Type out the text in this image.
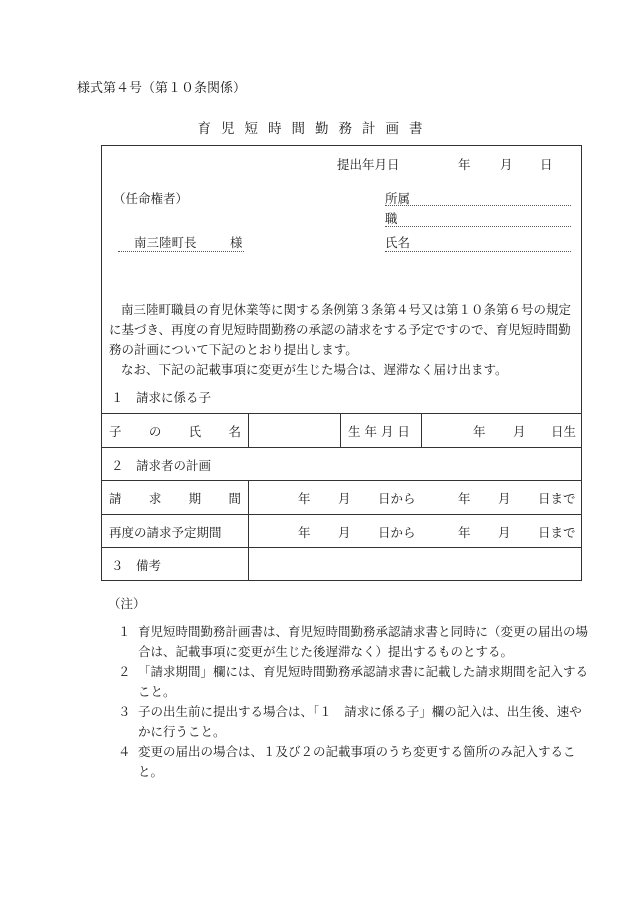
様式第４号（第１０条関係）
育児短時間勤務計画書
提出年月日	年 月 日
（任命権者）	所属
職
氏名
南三陸町長	様

南三陸町職員の育児休業等に関する条例第３条第４号又は第１０条第６号の規定に基づき、再度の育児短時間勤務の承認の請求をする予定ですので、育児短時間勤務の計画について下記のとおり提出します。

なお、下記の記載事項に変更が生じた場合は、遅滞なく届け出ます。

１　請求に係る子
子 の 氏 名	生 年 月 日	年 月 日生
２　請求者の計画
請 求 期 間	年 月 日から	年 月 日まで
再度の請求予定期間	年 月 日から	年 月 日まで
３　備考
（注）

１ 育児短時間勤務計画書は、育児短時間勤務承認請求書と同時に（変更の届出の場合は、記載事項に変更が生じた後遅滞なく）提出するものとする。

２ 「請求期間」欄には、育児短時間勤務承認請求書に記載した請求期間を記入すること。

３ 子の出生前に提出する場合は、「１　請求に係る子」欄の記入は、出生後、速やかに行うこと。

４ 変更の届出の場合は、１及び２の記載事項のうち変更する箇所のみ記入すること。
